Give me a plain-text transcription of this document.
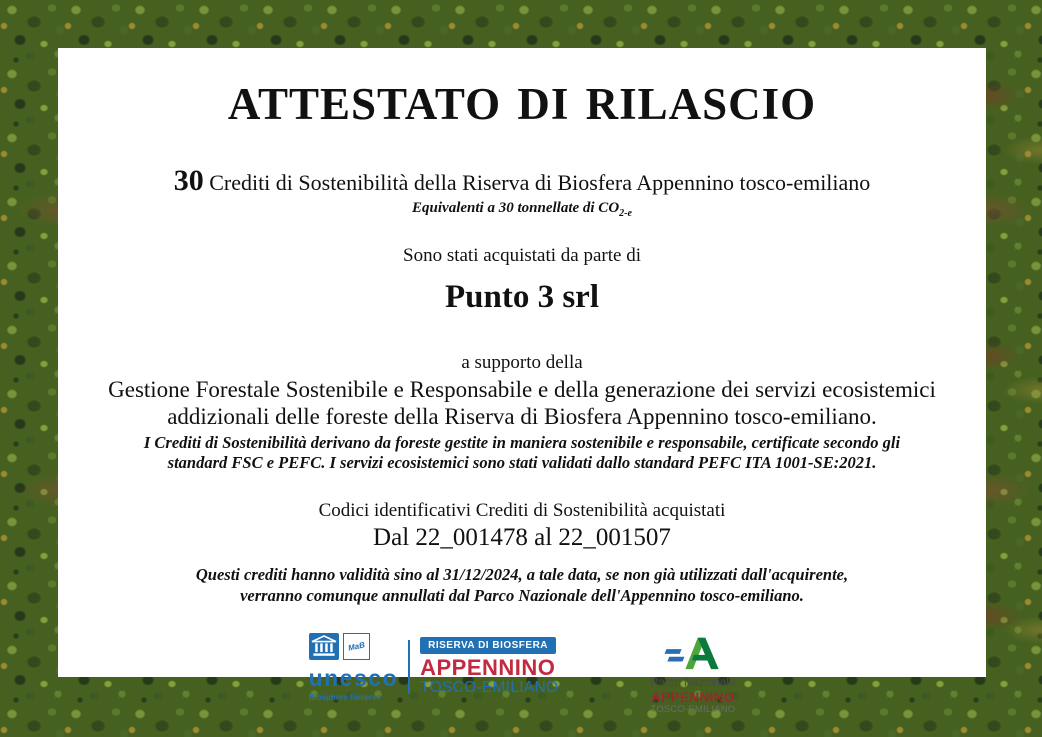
ATTESTATO DI RILASCIO

30 Crediti di Sostenibilità della Riserva di Biosfera Appennino tosco-emiliano

Equivalenti a 30 tonnellate di $CO_{2-e}$

Sono stati acquistati da parte di

Punto 3 srl

a supporto della

Gestione Forestale Sostenibile e Responsabile e della generazione dei servizi ecosistemici addizionali delle foreste della Riserva di Biosfera Appennino tosco-emiliano.

I Crediti di Sostenibilità derivano da foreste gestite in maniera sostenibile e responsabile, certificate secondo gli standard FSC e PEFC. I servizi ecosistemici sono stati validati dallo standard PEFC ITA 1001-SE:2021.

Codici identificativi Crediti di Sostenibilità acquistati

Dal 22_001478 al 22_001507

Questi crediti hanno validità sino al 31/12/2024, a tale data, se non già utilizzati dall'acquirente, verranno comunque annullati dal Parco Nazionale dell'Appennino tosco-emiliano.

MaB
unesco
Biosphere Reserve
RISERVA DI BIOSFERA
APPENNINO
TOSCO-EMILIANO	Parco Nazionale
APPENNINO
TOSCO-EMILIANO
